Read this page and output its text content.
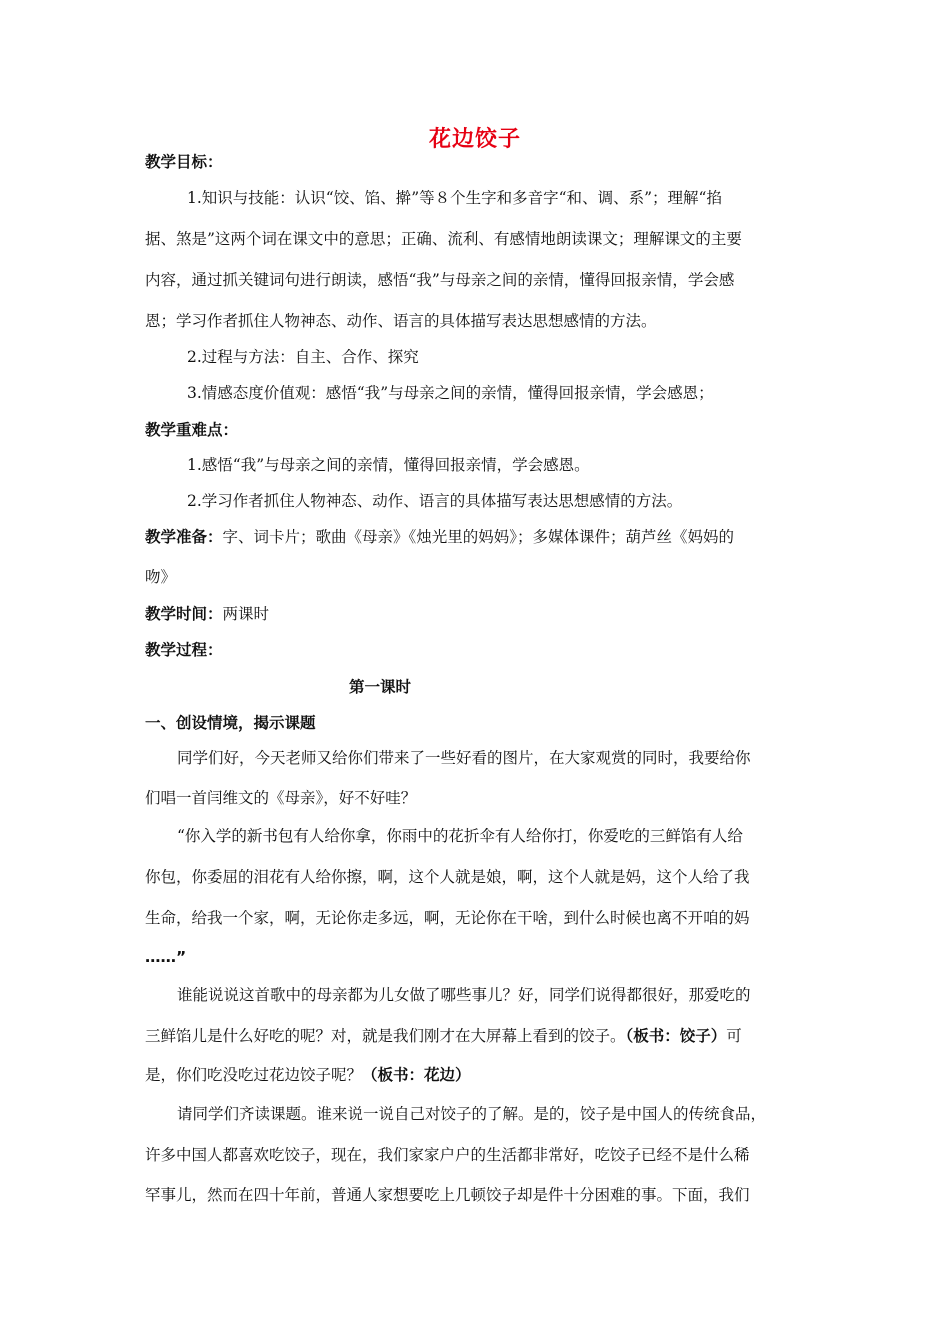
花边饺子
教学目标：
1.知识与技能：认识“饺、馅、擀”等８个生字和多音字“和、调、系”；理解“掐
据、煞是”这两个词在课文中的意思；正确、流利、有感情地朗读课文；理解课文的主要
内容，通过抓关键词句进行朗读，感悟“我”与母亲之间的亲情，懂得回报亲情，学会感
恩；学习作者抓住人物神态、动作、语言的具体描写表达思想感情的方法。
2.过程与方法：自主、合作、探究
3.情感态度价值观：感悟“我”与母亲之间的亲情，懂得回报亲情，学会感恩；
教学重难点：
1.感悟“我”与母亲之间的亲情，懂得回报亲情，学会感恩。
2.学习作者抓住人物神态、动作、语言的具体描写表达思想感情的方法。
教学准备：字、词卡片；歌曲《母亲》《烛光里的妈妈》；多媒体课件；葫芦丝《妈妈的
吻》
教学时间：两课时
教学过程：
第一课时
一、创设情境，揭示课题
同学们好，今天老师又给你们带来了一些好看的图片，在大家观赏的同时，我要给你
们唱一首闫维文的《母亲》，好不好哇？
“你入学的新书包有人给你拿，你雨中的花折伞有人给你打，你爱吃的三鲜馅有人给
你包，你委屈的泪花有人给你擦，啊，这个人就是娘，啊，这个人就是妈，这个人给了我
生命，给我一个家，啊，无论你走多远，啊，无论你在干啥，到什么时候也离不开咱的妈
……”
谁能说说这首歌中的母亲都为儿女做了哪些事儿？好，同学们说得都很好，那爱吃的
三鲜馅儿是什么好吃的呢？对，就是我们刚才在大屏幕上看到的饺子。（板书：饺子）可
是，你们吃没吃过花边饺子呢？（板书：花边）
请同学们齐读课题。谁来说一说自己对饺子的了解。是的，饺子是中国人的传统食品，
许多中国人都喜欢吃饺子，现在，我们家家户户的生活都非常好，吃饺子已经不是什么稀
罕事儿，然而在四十年前，普通人家想要吃上几顿饺子却是件十分困难的事。下面，我们
